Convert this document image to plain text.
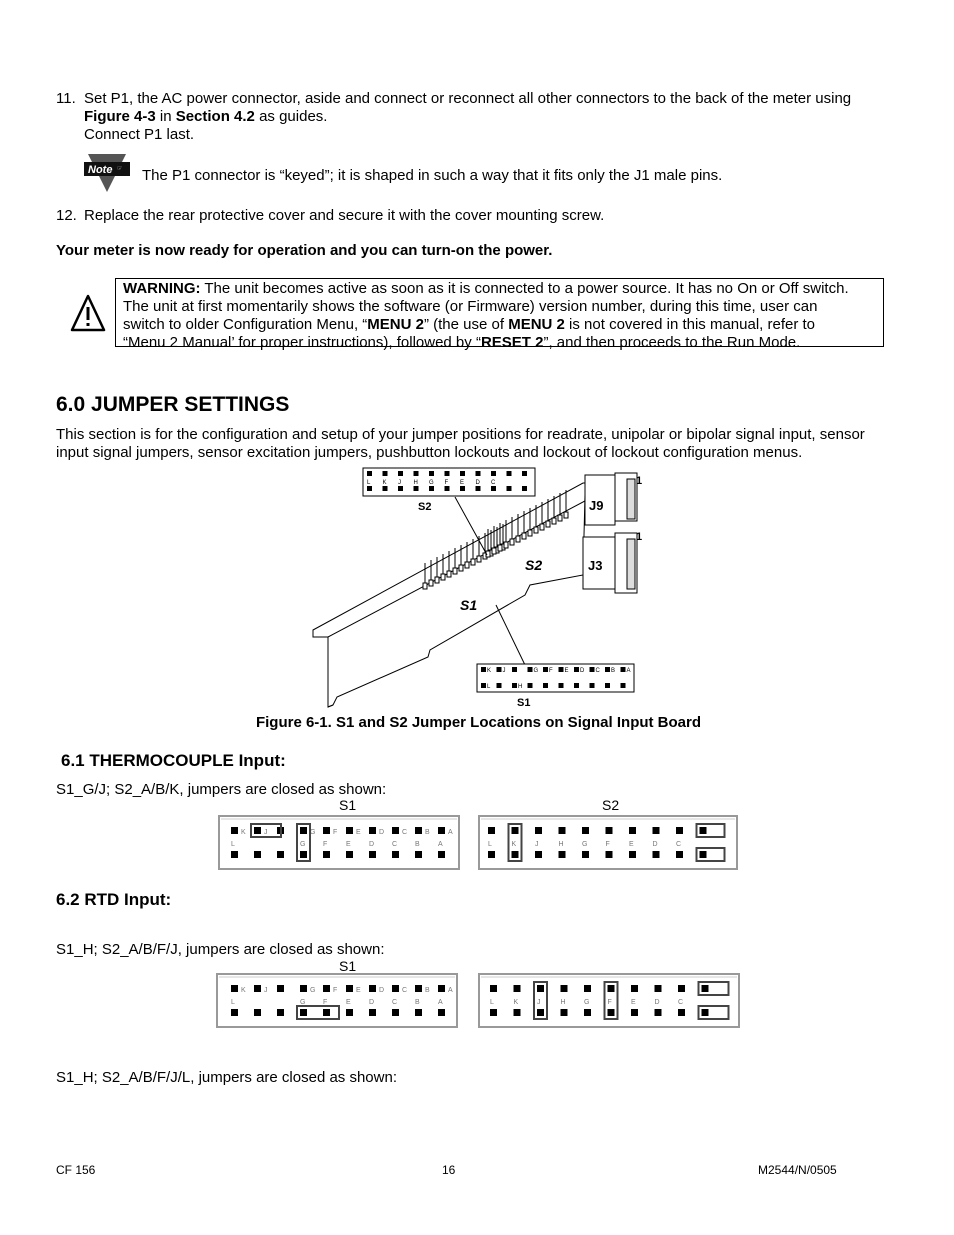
11. Set P1, the AC power connector, aside and connect or reconnect all other connectors to the back of the meter using
Figure 4-3 in Section 4.2 as guides.
Connect P1 last.
Note ☞ The P1 connector is “keyed”; it is shaped in such a way that it fits only the J1 male pins.
12. Replace the rear protective cover and secure it with the cover mounting screw.
Your meter is now ready for operation and you can turn-on the power.
WARNING: The unit becomes active as soon as it is connected to a power source. It has no On or Off switch.
The unit at first momentarily shows the software (or Firmware) version number, during this time, user can
switch to older Configuration Menu, “MENU 2” (the use of MENU 2 is not covered in this manual, refer to
“Menu 2 Manual’ for proper instructions), followed by “RESET 2”, and then proceeds to the Run Mode.
6.0 JUMPER SETTINGS
This section is for the configuration and setup of your jumper positions for readrate, unipolar or bipolar signal input, sensor
input signal jumpers, sensor excitation jumpers, pushbutton lockouts and lockout of lockout configuration menus.
L K J H G F E D C
A
S2	J9
J3
1
1
S1
S2
K J	G F E D C B A
L	H
S1
Figure 6-1. S1 and S2 Jumper Locations on Signal Input Board
6.1 THERMOCOUPLE Input:
S1_G/J; S2_A/B/K, jumpers are closed as shown:
S1	S2
K
L
J	G
G
F
F
E
E
D
D
C
C
B
B
A
A	L	K	J	H	G	F	E	D	C
6.2 RTD Input:
S1_H; S2_A/B/F/J, jumpers are closed as shown:
S1
K
L
J	G
G
F
F
E
E
D
D
C
C
B
B
A
A	L	K	J	H	G	F	E	D	C
S1_H; S2_A/B/F/J/L, jumpers are closed as shown:
CF 156	16	M2544/N/0505
